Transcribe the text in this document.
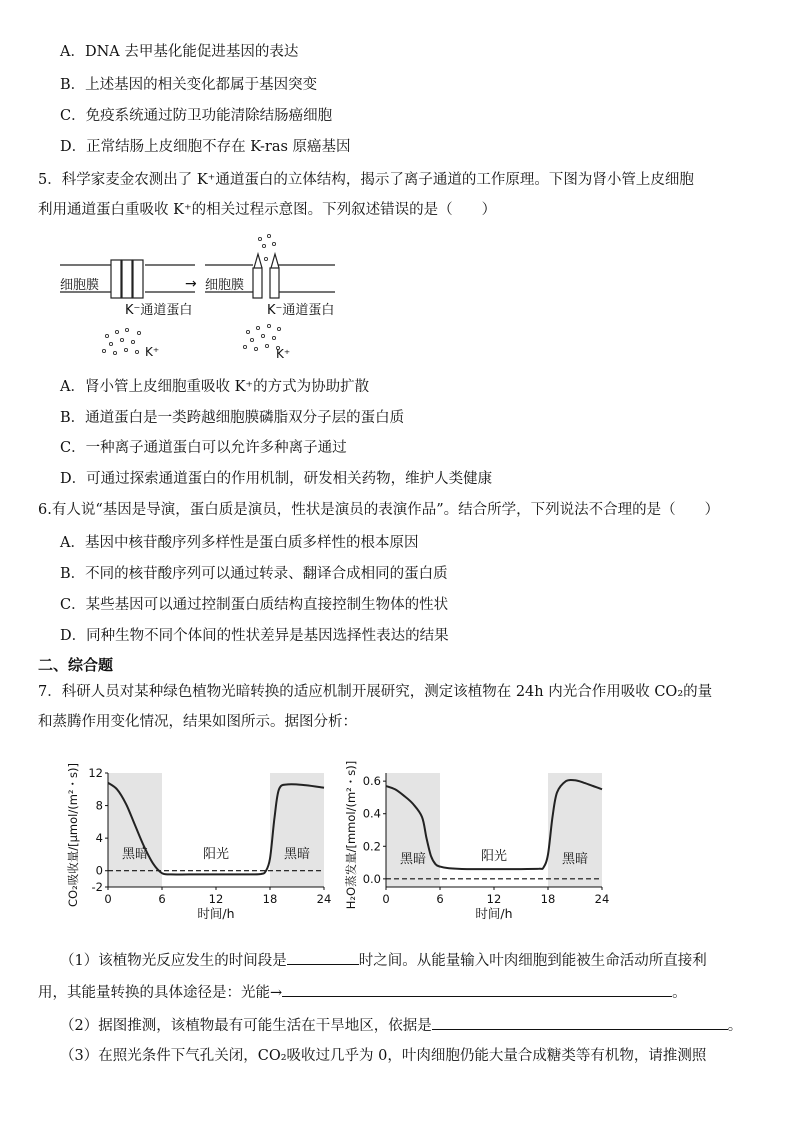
A．DNA 去甲基化能促进基因的表达
B．上述基因的相关变化都属于基因突变
C．免疫系统通过防卫功能清除结肠癌细胞
D．正常结肠上皮细胞不存在 K-ras 原癌基因
5．科学家麦金农测出了 K⁺通道蛋白的立体结构，揭示了离子通道的工作原理。下图为肾小管上皮细胞
利用通道蛋白重吸收 K⁺的相关过程示意图。下列叙述错误的是（　　）
细胞膜
K⁻通道蛋白
K⁺
→ 细胞膜
K⁻通道蛋白
K⁺
A．肾小管上皮细胞重吸收 K⁺的方式为协助扩散
B．通道蛋白是一类跨越细胞膜磷脂双分子层的蛋白质
C．一种离子通道蛋白可以允许多种离子通过
D．可通过探索通道蛋白的作用机制，研发相关药物，维护人类健康
6.有人说“基因是导演，蛋白质是演员，性状是演员的表演作品”。结合所学，下列说法不合理的是（　　）
A．基因中核苷酸序列多样性是蛋白质多样性的根本原因
B．不同的核苷酸序列可以通过转录、翻译合成相同的蛋白质
C．某些基因可以通过控制蛋白质结构直接控制生物体的性状
D．同种生物不同个体间的性状差异是基因选择性表达的结果
二、综合题
7．科研人员对某种绿色植物光暗转换的适应机制开展研究，测定该植物在 24h 内光合作用吸收 CO₂的量
和蒸腾作用变化情况，结果如图所示。据图分析：
12
8
4
0
-2
0	6	12	18	24
时间/h
CO₂吸收量/[μmol/(m²・s)]	黑暗	阳光	黑暗
0.6
0.4
0.2
0.0
0	6	12	18	24
时间/h
H₂O蒸发量/[mmol/(m²・s)]	黑暗	阳光	黑暗
（1）该植物光反应发生的时间段是	时之间。从能量输入叶肉细胞到能被生命活动所直接利
用，其能量转换的具体途径是：光能→	。
（2）据图推测，该植物最有可能生活在干旱地区，依据是	。
（3）在照光条件下气孔关闭，CO₂吸收过几乎为 0，叶肉细胞仍能大量合成糖类等有机物，请推测照
